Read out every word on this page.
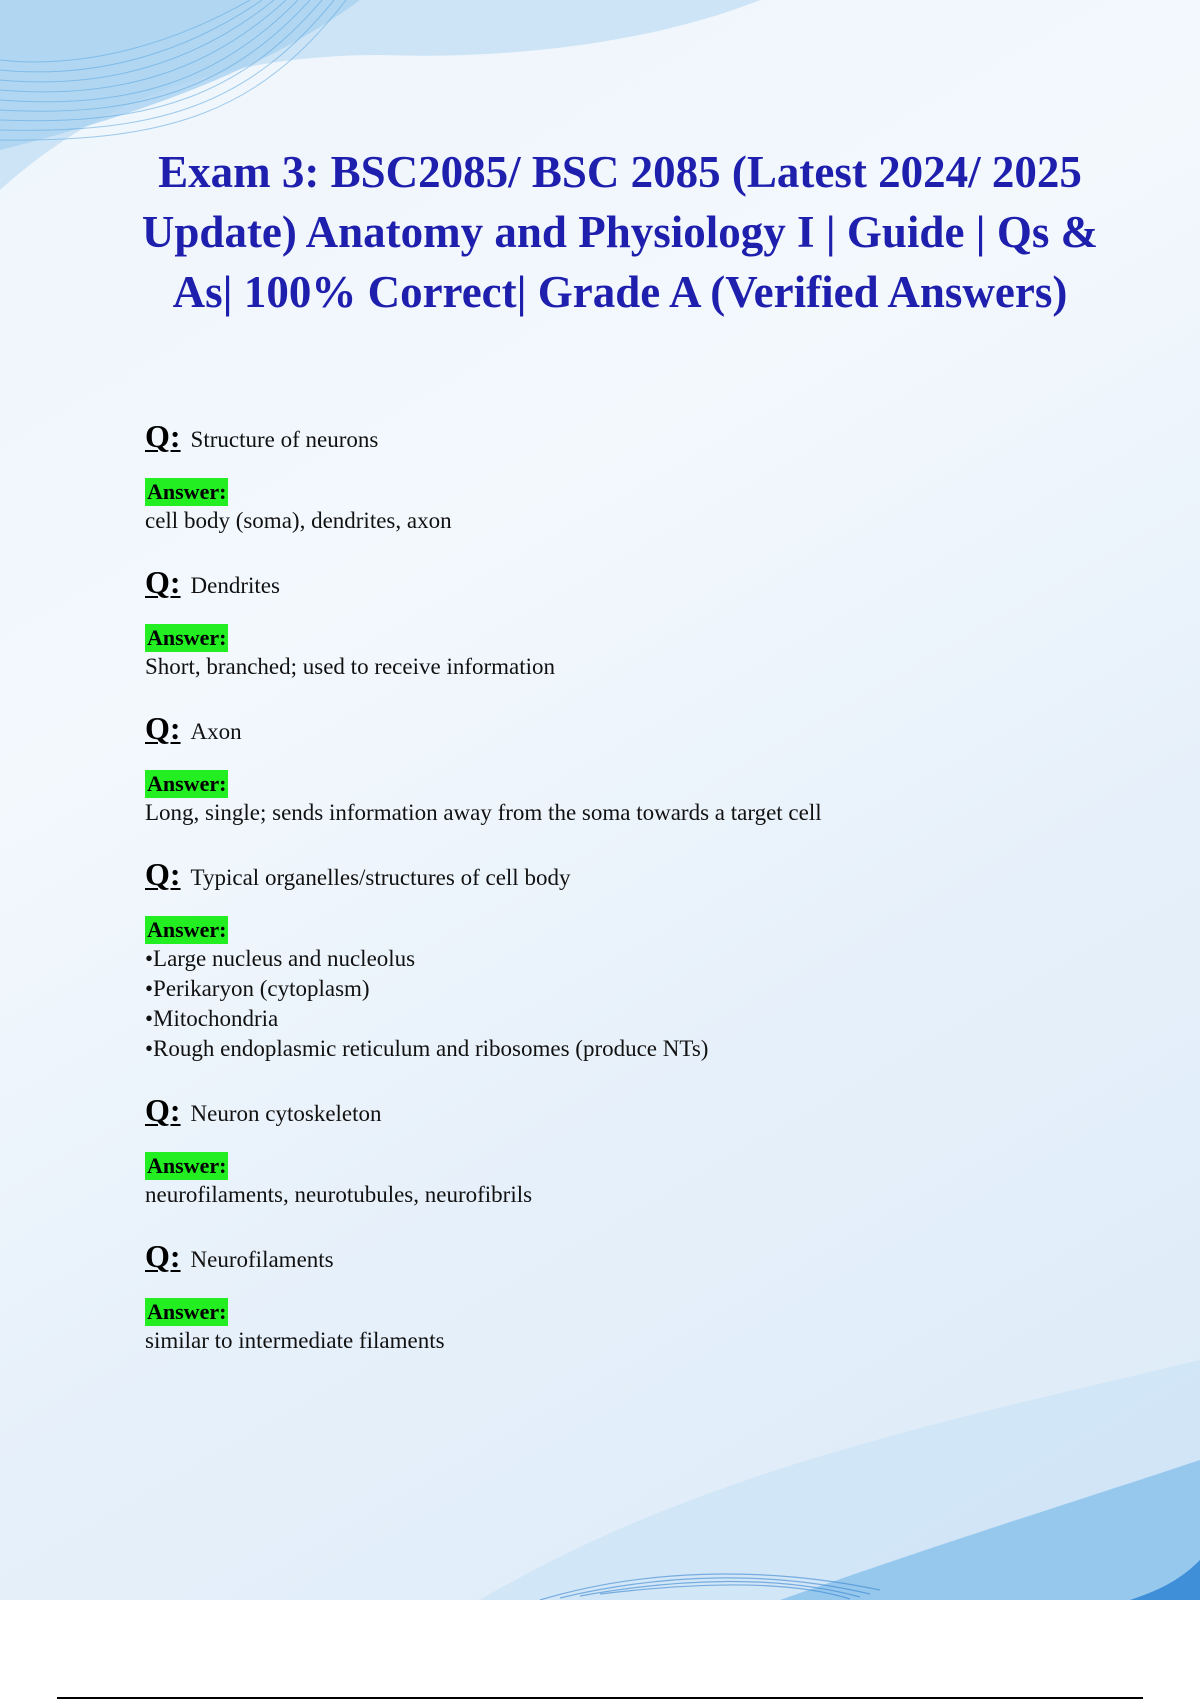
Exam 3: BSC2085/ BSC 2085 (Latest 2024/ 2025 Update) Anatomy and Physiology I | Guide | Qs & As| 100% Correct| Grade A (Verified Answers)
Q: Structure of neurons
Answer:
cell body (soma), dendrites, axon
Q: Dendrites
Answer:
Short, branched; used to receive information
Q: Axon
Answer:
Long, single; sends information away from the soma towards a target cell
Q: Typical organelles/structures of cell body
Answer:
•Large nucleus and nucleolus
•Perikaryon (cytoplasm)
•Mitochondria
•Rough endoplasmic reticulum and ribosomes (produce NTs)
Q: Neuron cytoskeleton
Answer:
neurofilaments, neurotubules, neurofibrils
Q: Neurofilaments
Answer:
similar to intermediate filaments
